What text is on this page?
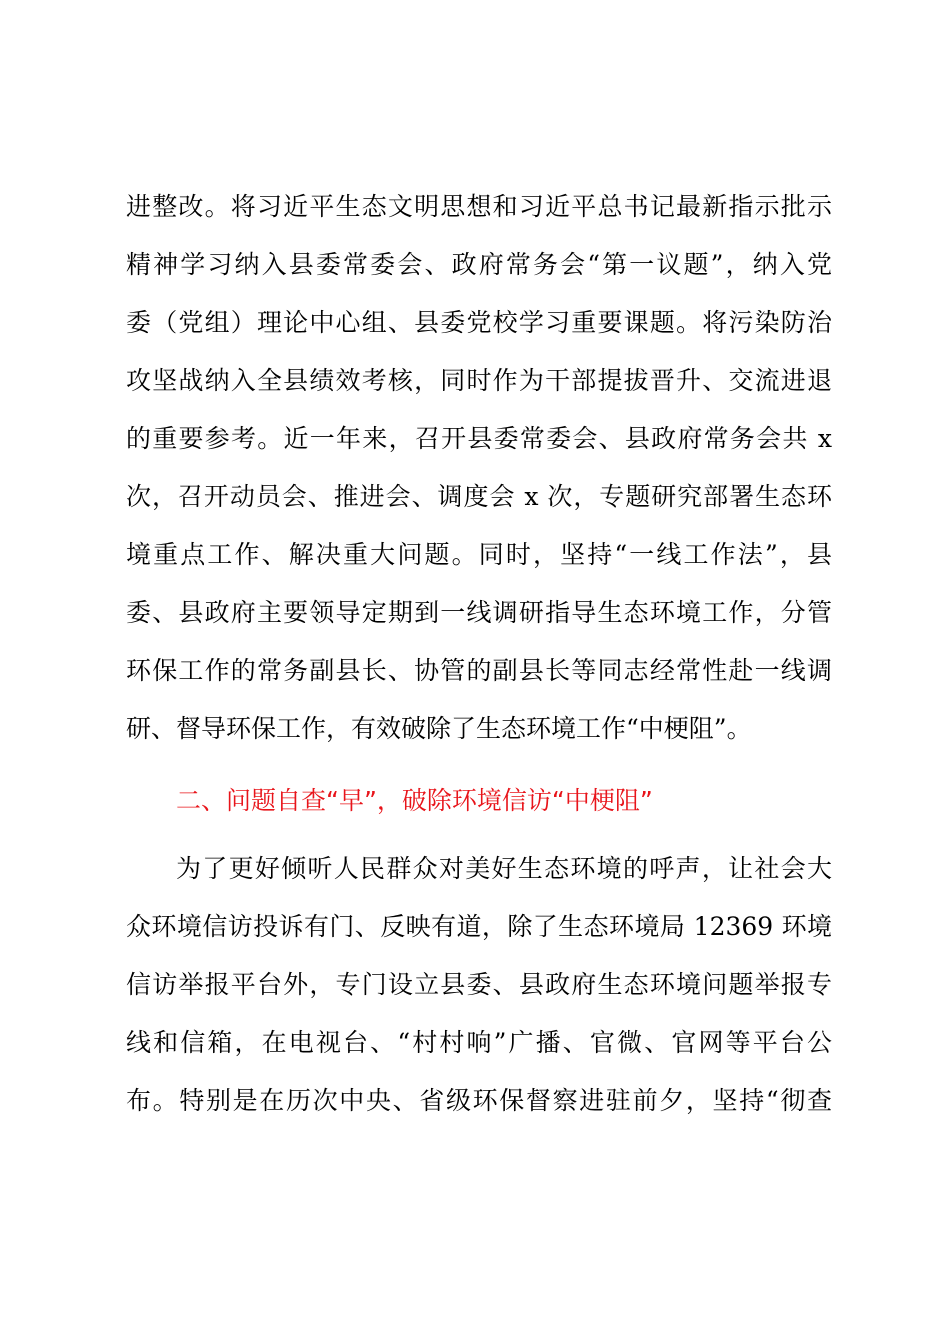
进整改。将习近平生态文明思想和习近平总书记最新指示批示
精神学习纳入县委常委会、政府常务会“第一议题”，纳入党
委（党组）理论中心组、县委党校学习重要课题。将污染防治
攻坚战纳入全县绩效考核，同时作为干部提拔晋升、交流进退
的重要参考。近一年来，召开县委常委会、县政府常务会共 x
次，召开动员会、推进会、调度会 x 次，专题研究部署生态环
境重点工作、解决重大问题。同时，坚持“一线工作法”，县
委、县政府主要领导定期到一线调研指导生态环境工作，分管
环保工作的常务副县长、协管的副县长等同志经常性赴一线调
研、督导环保工作，有效破除了生态环境工作“中梗阻”。
二、问题自查“早”，破除环境信访“中梗阻”
为了更好倾听人民群众对美好生态环境的呼声，让社会大
众环境信访投诉有门、反映有道，除了生态环境局 12369 环境
信访举报平台外，专门设立县委、县政府生态环境问题举报专
线和信箱，在电视台、“村村响”广播、官微、官网等平台公
布。特别是在历次中央、省级环保督察进驻前夕，坚持“彻查
